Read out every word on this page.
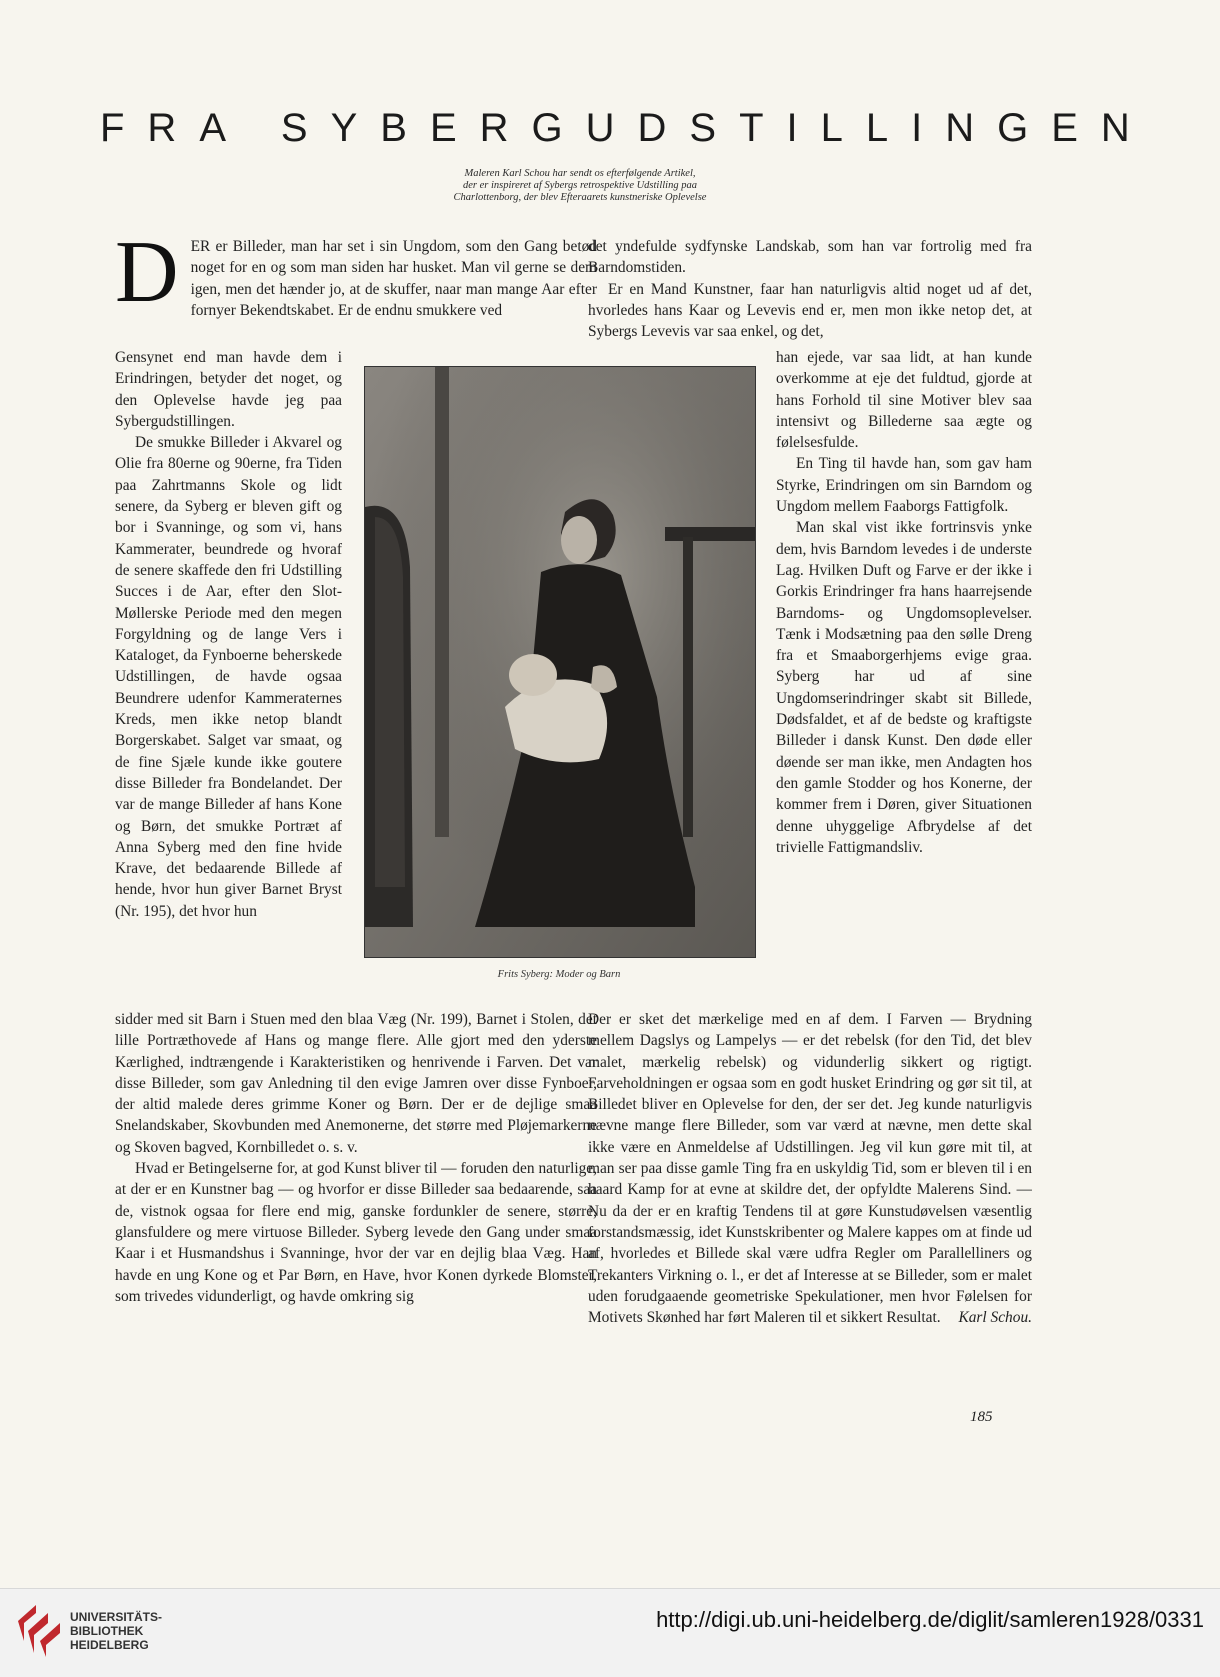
FRA SYBERGUDSTILLINGEN
Maleren Karl Schou har sendt os efterfølgende Artikel,
der er inspireret af Sybergs retrospektive Udstilling paa
Charlottenborg, der blev Efteraarets kunstneriske Oplevelse

DER er Billeder, man har set i sin Ungdom, som den Gang betød noget for en og som man siden har husket. Man vil gerne se dem igen, men det hænder jo, at de skuffer, naar man mange Aar efter fornyer Bekendtskabet. Er de endnu smukkere ved

Gensynet end man havde dem i Erindringen, betyder det noget, og den Oplevelse havde jeg paa Sybergudstillingen.

De smukke Billeder i Akvarel og Olie fra 80erne og 90erne, fra Tiden paa Zahrtmanns Skole og lidt senere, da Syberg er bleven gift og bor i Svanninge, og som vi, hans Kammerater, beundrede og hvoraf de senere skaffede den fri Udstilling Succes i de Aar, efter den Slot-Møllerske Periode med den megen Forgyldning og de lange Vers i Kataloget, da Fynboerne beherskede Udstillingen, de havde ogsaa Beundrere udenfor Kammeraternes Kreds, men ikke netop blandt Borgerskabet. Salget var smaat, og de fine Sjæle kunde ikke goutere disse Billeder fra Bondelandet. Der var de mange Billeder af hans Kone og Børn, det smukke Portræt af Anna Syberg med den fine hvide Krave, det bedaarende Billede af hende, hvor hun giver Barnet Bryst (Nr. 195), det hvor hun

Frits Syberg: Moder og Barn

sidder med sit Barn i Stuen med den blaa Væg (Nr. 199), Barnet i Stolen, det lille Portræthovede af Hans og mange flere. Alle gjort med den yderste Kærlighed, indtrængende i Karakteristiken og henrivende i Farven. Det var disse Billeder, som gav Anledning til den evige Jamren over disse Fynboer, der altid malede deres grimme Koner og Børn. Der er de dejlige smaa Snelandskaber, Skovbunden med Anemonerne, det større med Pløjemarkerne og Skoven bagved, Kornbilledet o. s. v.

Hvad er Betingelserne for, at god Kunst bliver til — foruden den naturlige, at der er en Kunstner bag — og hvorfor er disse Billeder saa bedaarende, saa de, vistnok ogsaa for flere end mig, ganske fordunkler de senere, større, glansfuldere og mere virtuose Billeder. Syberg levede den Gang under smaa Kaar i et Husmandshus i Svanninge, hvor der var en dejlig blaa Væg. Han havde en ung Kone og et Par Børn, en Have, hvor Konen dyrkede Blomster, som trivedes vidunderligt, og havde omkring sig

det yndefulde sydfynske Landskab, som han var fortrolig med fra Barndomstiden.

Er en Mand Kunstner, faar han naturligvis altid noget ud af det, hvorledes hans Kaar og Levevis end er, men mon ikke netop det, at Sybergs Levevis var saa enkel, og det,

han ejede, var saa lidt, at han kunde overkomme at eje det fuldtud, gjorde at hans Forhold til sine Motiver blev saa intensivt og Billederne saa ægte og følelsesfulde.

En Ting til havde han, som gav ham Styrke, Erindringen om sin Barndom og Ungdom mellem Faaborgs Fattigfolk.

Man skal vist ikke fortrinsvis ynke dem, hvis Barndom levedes i de underste Lag. Hvilken Duft og Farve er der ikke i Gorkis Erindringer fra hans haarrejsende Barndoms- og Ungdomsoplevelser. Tænk i Modsætning paa den sølle Dreng fra et Smaaborgerhjems evige graa. Syberg har ud af sine Ungdomserindringer skabt sit Billede, Dødsfaldet, et af de bedste og kraftigste Billeder i dansk Kunst. Den døde eller døende ser man ikke, men Andagten hos den gamle Stodder og hos Konerne, der kommer frem i Døren, giver Situationen denne uhyggelige Afbrydelse af det trivielle Fattigmandsliv.

Der er sket det mærkelige med en af dem. I Farven — Brydning mellem Dagslys og Lampelys — er det rebelsk (for den Tid, det blev malet, mærkelig rebelsk) og vidunderlig sikkert og rigtigt. Farveholdningen er ogsaa som en godt husket Erindring og gør sit til, at Billedet bliver en Oplevelse for den, der ser det. Jeg kunde naturligvis nævne mange flere Billeder, som var værd at nævne, men dette skal ikke være en Anmeldelse af Udstillingen. Jeg vil kun gøre mit til, at man ser paa disse gamle Ting fra en uskyldig Tid, som er bleven til i en haard Kamp for at evne at skildre det, der opfyldte Malerens Sind. — Nu da der er en kraftig Tendens til at gøre Kunstudøvelsen væsentlig forstandsmæssig, idet Kunstskribenter og Malere kappes om at finde ud af, hvorledes et Billede skal være udfra Regler om Parallelliners og Trekanters Virkning o. l., er det af Interesse at se Billeder, som er malet uden forudgaaende geometriske Spekulationer, men hvor Følelsen for Motivets Skønhed har ført Maleren til et sikkert Resultat. Karl Schou.

185
UNIVERSITÄTS-
BIBLIOTHEK
HEIDELBERG
http://digi.ub.uni-heidelberg.de/diglit/samleren1928/0331
